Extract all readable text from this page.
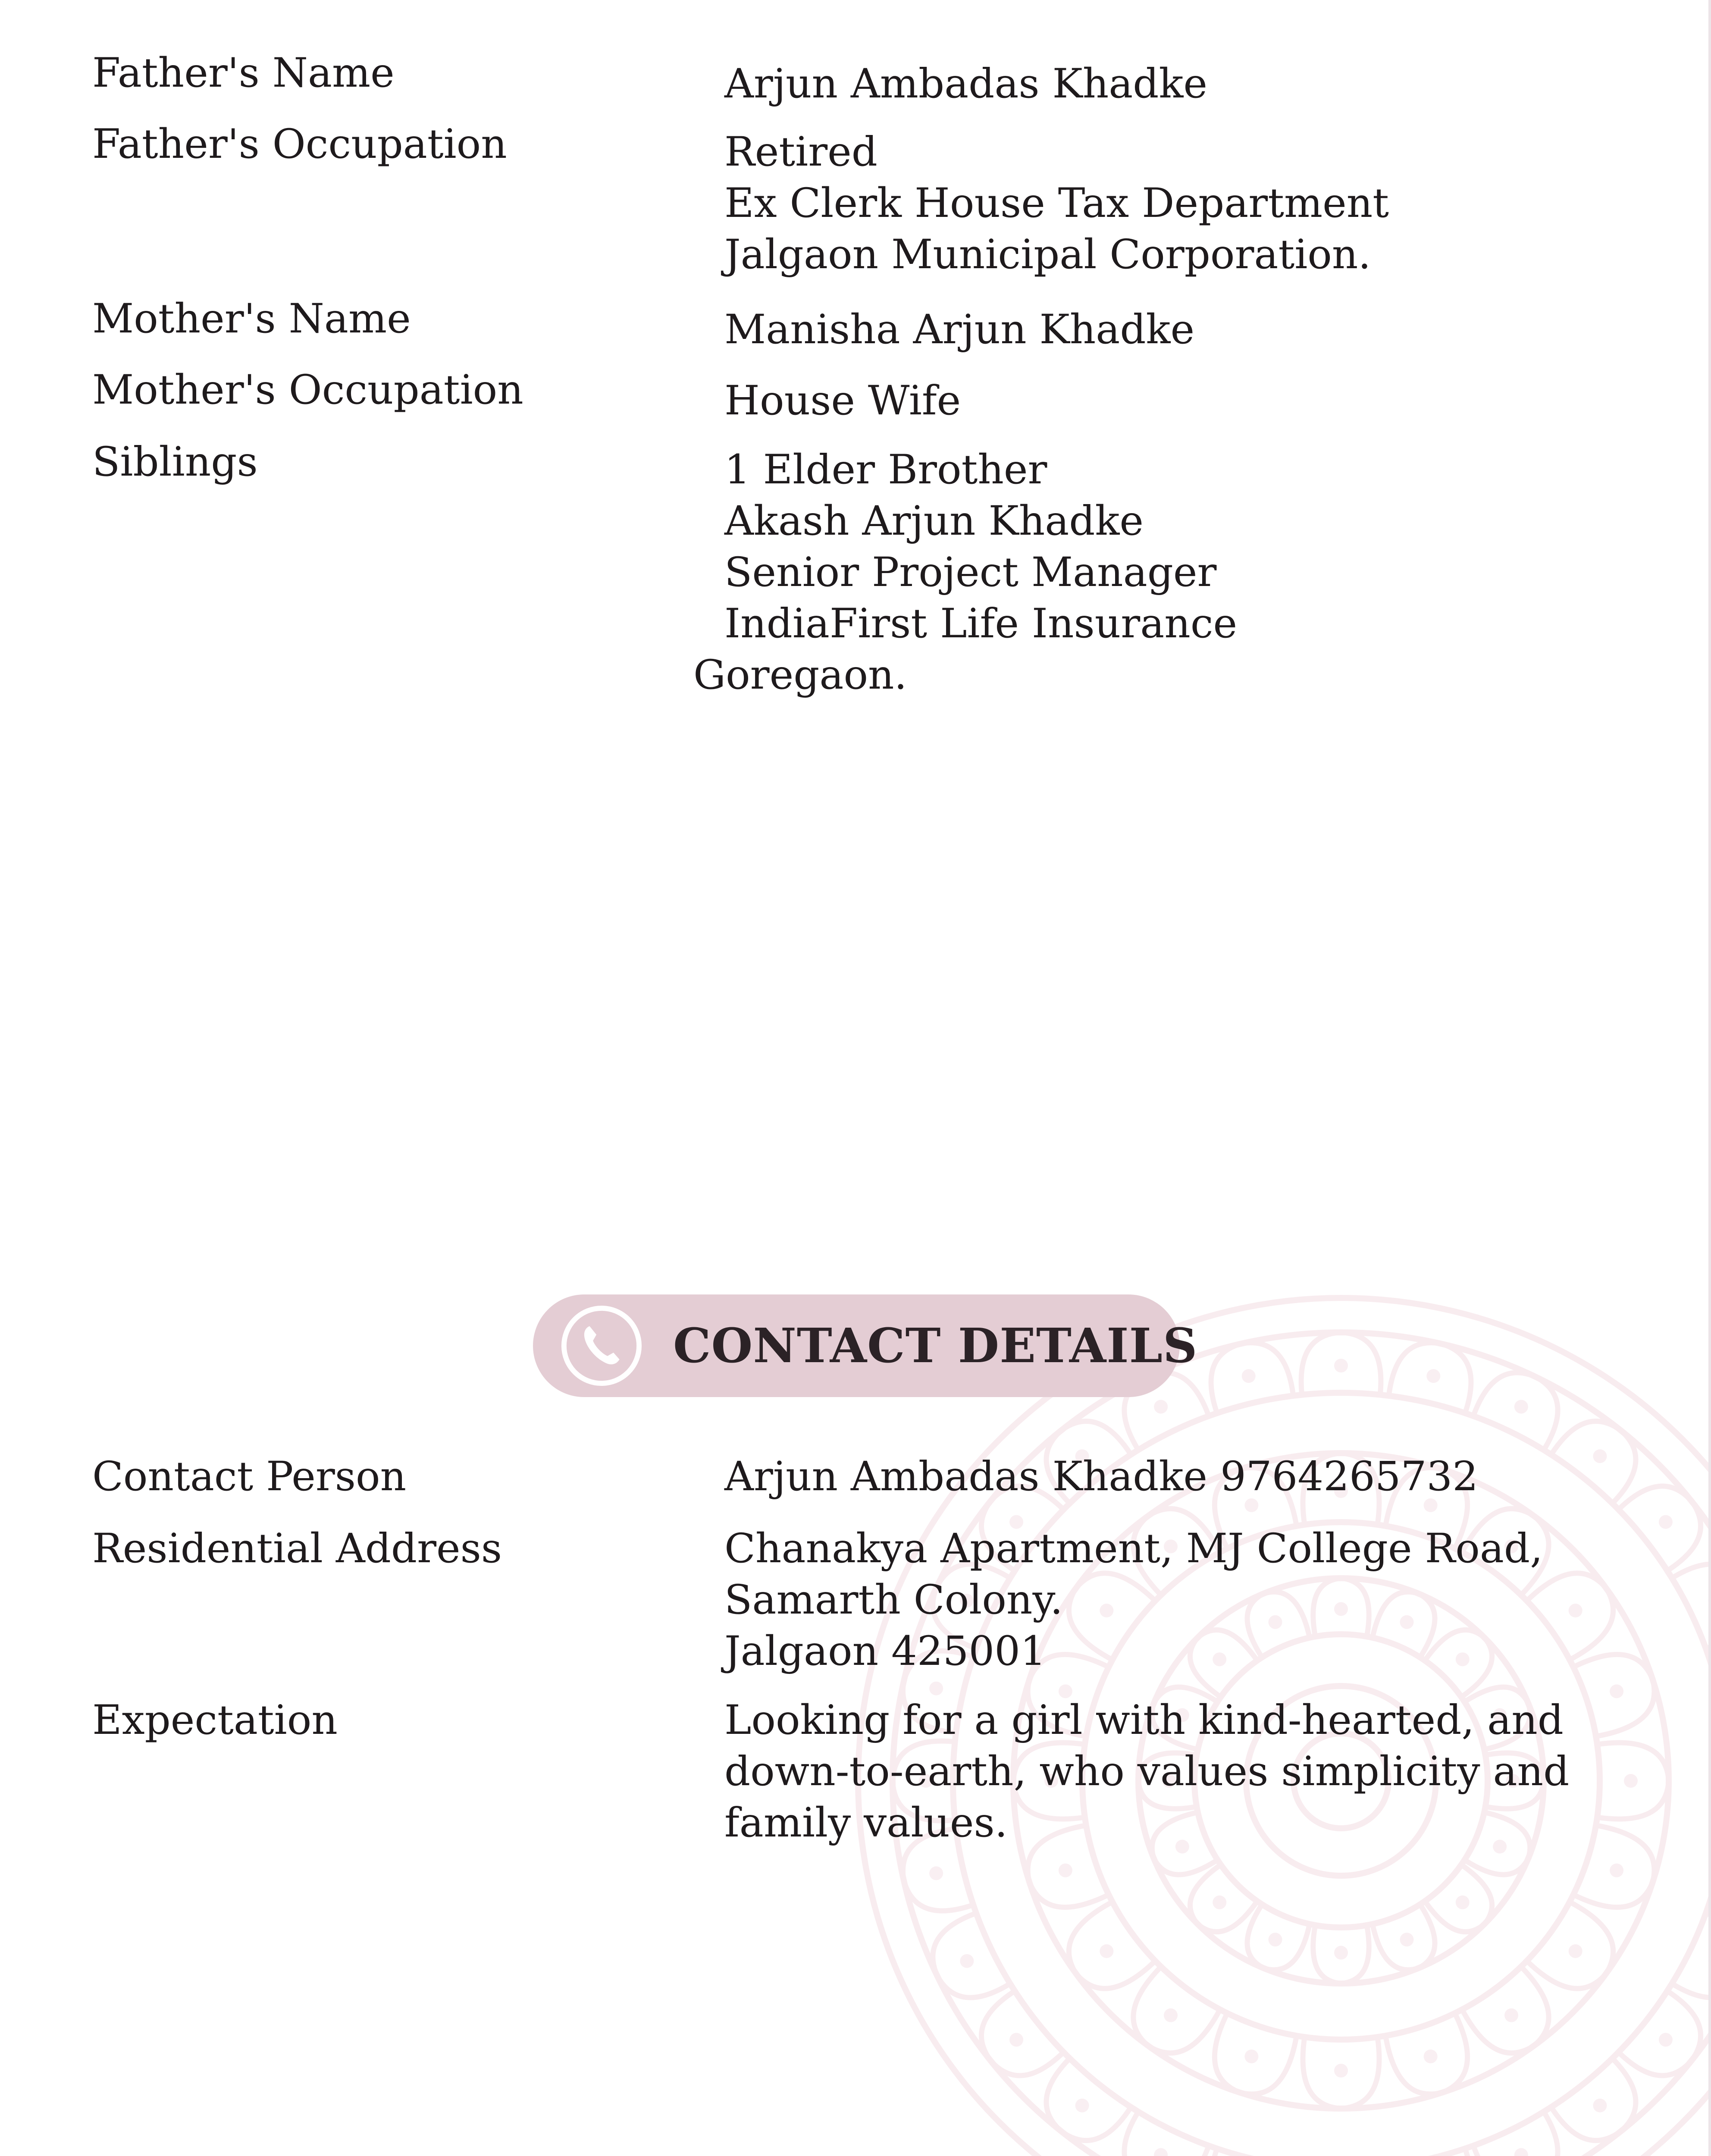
Father's Name	Arjun Ambadas Khadke
Father's Occupation	Retired
Ex Clerk House Tax Department
Jalgaon Municipal Corporation.
Mother's Name	Manisha Arjun Khadke
Mother's Occupation	House Wife
Siblings	1 Elder Brother
Akash Arjun Khadke
Senior Project Manager
IndiaFirst Life Insurance
Goregaon.
CONTACT DETAILS
Contact Person	Arjun Ambadas Khadke 9764265732
Residential Address	Chanakya Apartment, MJ College Road,
Samarth Colony.
Jalgaon 425001
Expectation	Looking for a girl with kind-hearted, and
down-to-earth, who values simplicity and
family values.
